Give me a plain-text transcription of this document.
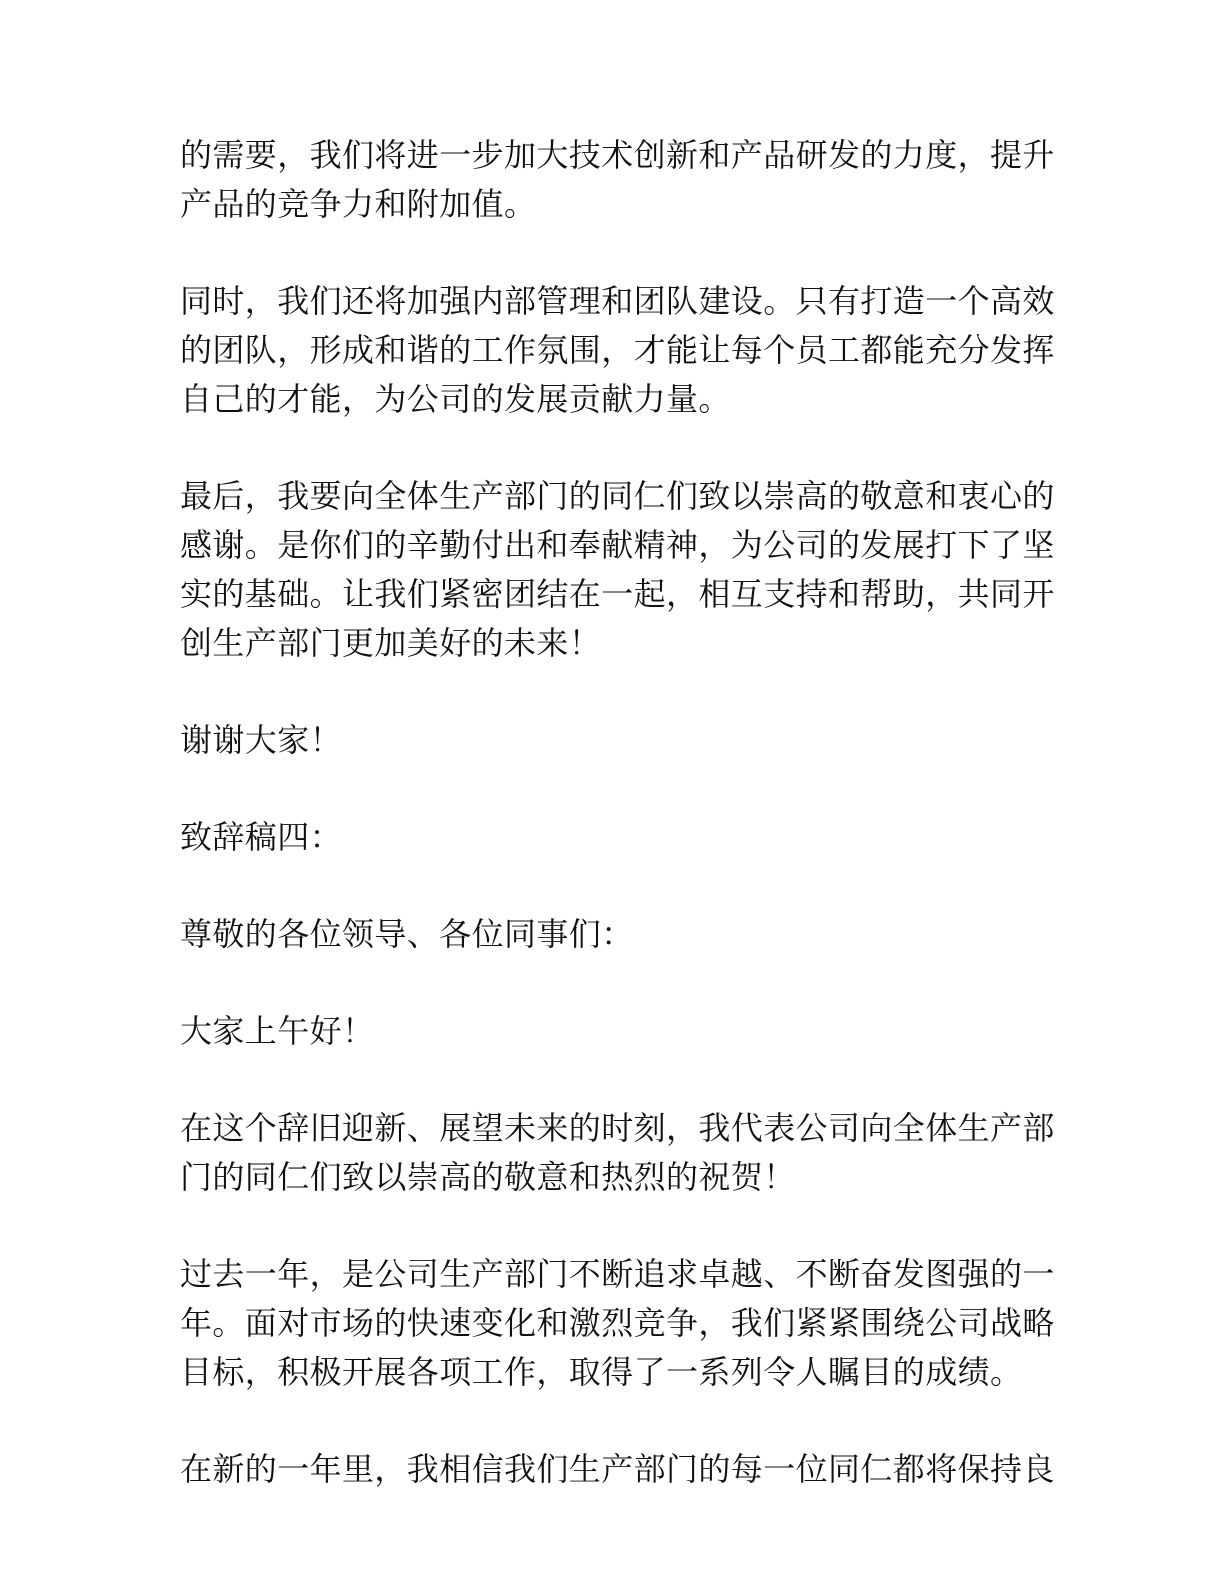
的需要，我们将进一步加大技术创新和产品研发的力度，提升
产品的竞争力和附加值。

同时，我们还将加强内部管理和团队建设。只有打造一个高效
的团队，形成和谐的工作氛围，才能让每个员工都能充分发挥
自己的才能，为公司的发展贡献力量。

最后，我要向全体生产部门的同仁们致以崇高的敬意和衷心的
感谢。是你们的辛勤付出和奉献精神，为公司的发展打下了坚
实的基础。让我们紧密团结在一起，相互支持和帮助，共同开
创生产部门更加美好的未来！

谢谢大家！

致辞稿四：

尊敬的各位领导、各位同事们：

大家上午好！

在这个辞旧迎新、展望未来的时刻，我代表公司向全体生产部
门的同仁们致以崇高的敬意和热烈的祝贺！

过去一年，是公司生产部门不断追求卓越、不断奋发图强的一
年。面对市场的快速变化和激烈竞争，我们紧紧围绕公司战略
目标，积极开展各项工作，取得了一系列令人瞩目的成绩。

在新的一年里，我相信我们生产部门的每一位同仁都将保持良
